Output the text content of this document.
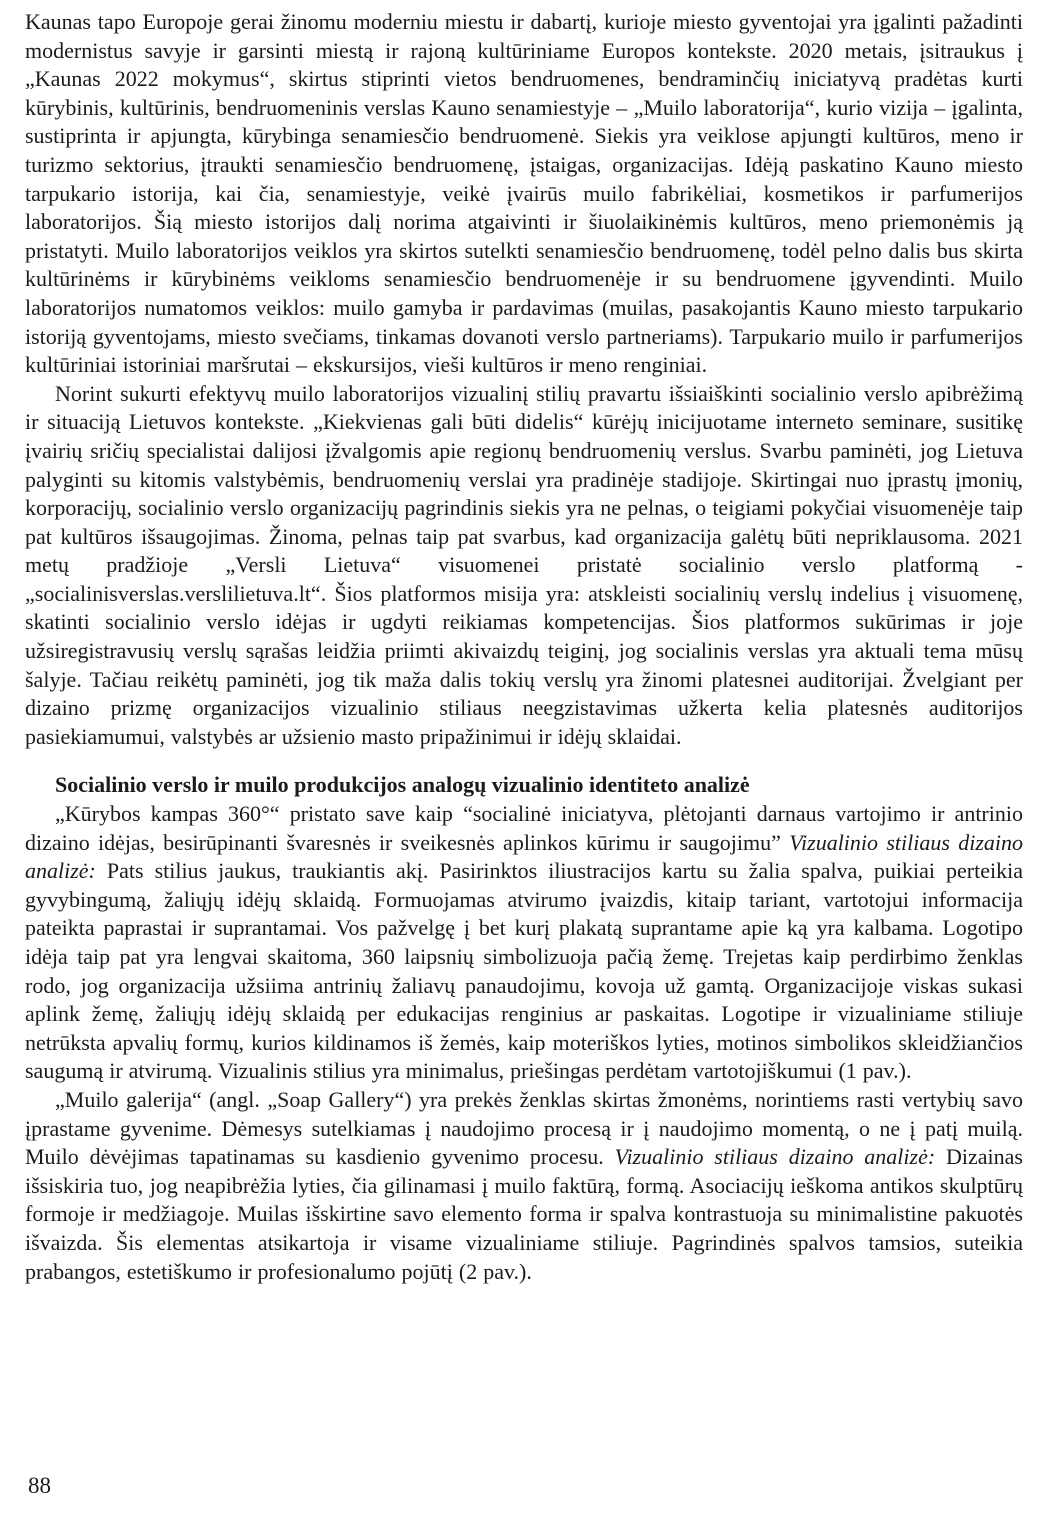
Kaunas tapo Europoje gerai žinomu moderniu miestu ir dabartį, kurioje miesto gyventojai yra įgalinti pažadinti modernistus savyje ir garsinti miestą ir rajoną kultūriniame Europos kontekste. 2020 metais, įsitraukus į „Kaunas 2022 mokymus“, skirtus stiprinti vietos bendruomenes, bendraminčių iniciatyvą pradėtas kurti kūrybinis, kultūrinis, bendruomeninis verslas Kauno senamiestyje – „Muilo laboratorija“, kurio vizija – įgalinta, sustiprinta ir apjungta, kūrybinga senamiesčio bendruomenė. Siekis yra veiklose apjungti kultūros, meno ir turizmo sektorius, įtraukti senamiesčio bendruomenę, įstaigas, organizacijas. Idėją paskatino Kauno miesto tarpukario istorija, kai čia, senamiestyje, veikė įvairūs muilo fabrikėliai, kosmetikos ir parfumerijos laboratorijos. Šią miesto istorijos dalį norima atgaivinti ir šiuolaikinėmis kultūros, meno priemonėmis ją pristatyti. Muilo laboratorijos veiklos yra skirtos sutelkti senamiesčio bendruomenę, todėl pelno dalis bus skirta kultūrinėms ir kūrybinėms veikloms senamiesčio bendruomenėje ir su bendruomene įgyvendinti. Muilo laboratorijos numatomos veiklos: muilo gamyba ir pardavimas (muilas, pasakojantis Kauno miesto tarpukario istoriją gyventojams, miesto svečiams, tinkamas dovanoti verslo partneriams). Tarpukario muilo ir parfumerijos kultūriniai istoriniai maršrutai – ekskursijos, vieši kultūros ir meno renginiai.

Norint sukurti efektyvų muilo laboratorijos vizualinį stilių pravartu išsiaiškinti socialinio verslo apibrėžimą ir situaciją Lietuvos kontekste. „Kiekvienas gali būti didelis“ kūrėjų inicijuotame interneto seminare, susitikę įvairių sričių specialistai dalijosi įžvalgomis apie regionų bendruomenių verslus. Svarbu paminėti, jog Lietuva palyginti su kitomis valstybėmis, bendruomenių verslai yra pradinėje stadijoje. Skirtingai nuo įprastų įmonių, korporacijų, socialinio verslo organizacijų pagrindinis siekis yra ne pelnas, o teigiami pokyčiai visuomenėje taip pat kultūros išsaugojimas. Žinoma, pelnas taip pat svarbus, kad organizacija galėtų būti nepriklausoma. 2021 metų pradžioje „Versli Lietuva“ visuomenei pristatė socialinio verslo platformą - „socialinisverslas.verslilietuva.lt“. Šios platformos misija yra: atskleisti socialinių verslų indelius į visuomenę, skatinti socialinio verslo idėjas ir ugdyti reikiamas kompetencijas. Šios platformos sukūrimas ir joje užsiregistravusių verslų sąrašas leidžia priimti akivaizdų teiginį, jog socialinis verslas yra aktuali tema mūsų šalyje. Tačiau reikėtų paminėti, jog tik maža dalis tokių verslų yra žinomi platesnei auditorijai. Žvelgiant per dizaino prizmę organizacijos vizualinio stiliaus neegzistavimas užkerta kelia platesnės auditorijos pasiekiamumui, valstybės ar užsienio masto pripažinimui ir idėjų sklaidai.

Socialinio verslo ir muilo produkcijos analogų vizualinio identiteto analizė

„Kūrybos kampas 360°“ pristato save kaip “socialinė iniciatyva, plėtojanti darnaus vartojimo ir antrinio dizaino idėjas, besirūpinanti švaresnės ir sveikesnės aplinkos kūrimu ir saugojimu” Vizualinio stiliaus dizaino analizė: Pats stilius jaukus, traukiantis akį. Pasirinktos iliustracijos kartu su žalia spalva, puikiai perteikia gyvybingumą, žaliųjų idėjų sklaidą. Formuojamas atvirumo įvaizdis, kitaip tariant, vartotojui informacija pateikta paprastai ir suprantamai. Vos pažvelgę į bet kurį plakatą suprantame apie ką yra kalbama. Logotipo idėja taip pat yra lengvai skaitoma, 360 laipsnių simbolizuoja pačią žemę. Trejetas kaip perdirbimo ženklas rodo, jog organizacija užsiima antrinių žaliavų panaudojimu, kovoja už gamtą. Organizacijoje viskas sukasi aplink žemę, žaliųjų idėjų sklaidą per edukacijas renginius ar paskaitas. Logotipe ir vizualiniame stiliuje netrūksta apvalių formų, kurios kildinamos iš žemės, kaip moteriškos lyties, motinos simbolikos skleidžiančios saugumą ir atvirumą. Vizualinis stilius yra minimalus, priešingas perdėtam vartotojiškumui (1 pav.).

„Muilo galerija“ (angl. „Soap Gallery“) yra prekės ženklas skirtas žmonėms, norintiems rasti vertybių savo įprastame gyvenime. Dėmesys sutelkiamas į naudojimo procesą ir į naudojimo momentą, o ne į patį muilą. Muilo dėvėjimas tapatinamas su kasdienio gyvenimo procesu. Vizualinio stiliaus dizaino analizė: Dizainas išsiskiria tuo, jog neapibrėžia lyties, čia gilinamasi į muilo faktūrą, formą. Asociacijų ieškoma antikos skulptūrų formoje ir medžiagoje. Muilas išskirtine savo elemento forma ir spalva kontrastuoja su minimalistine pakuotės išvaizda. Šis elementas atsikartoja ir visame vizualiniame stiliuje. Pagrindinės spalvos tamsios, suteikia prabangos, estetiškumo ir profesionalumo pojūtį (2 pav.).

88
